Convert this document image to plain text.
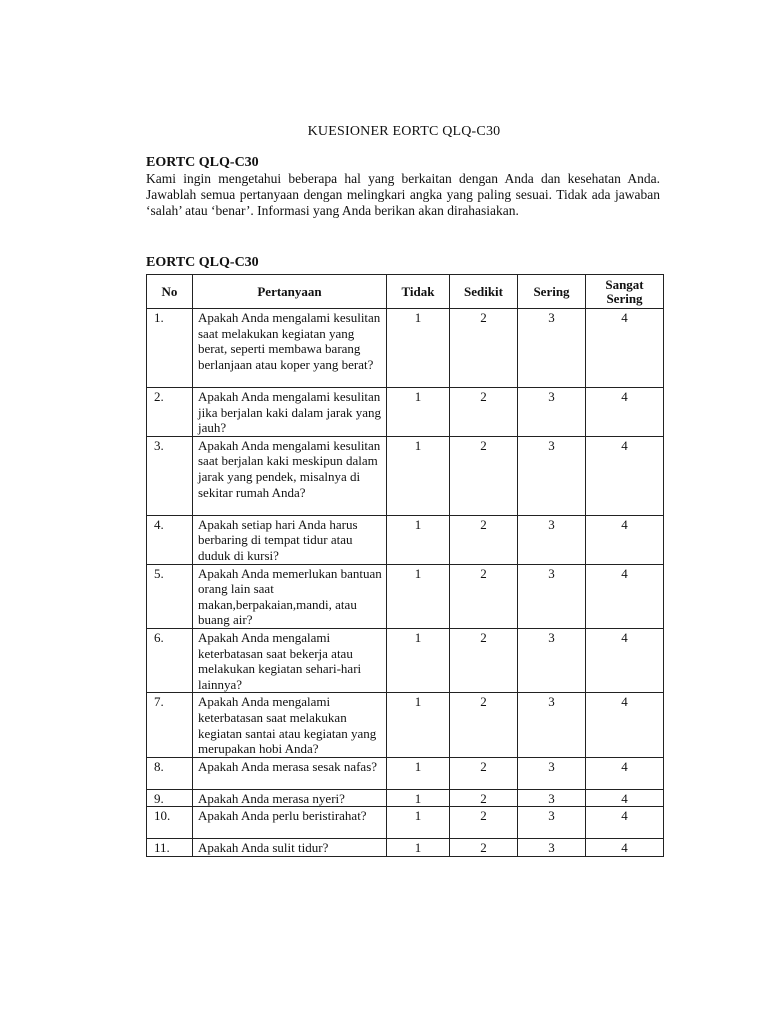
KUESIONER EORTC QLQ-C30
EORTC QLQ-C30
Kami ingin mengetahui beberapa hal yang berkaitan dengan Anda dan kesehatan Anda. Jawablah semua pertanyaan dengan melingkari angka yang paling sesuai. Tidak ada jawaban ‘salah’ atau ‘benar’. Informasi yang Anda berikan akan dirahasiakan.
EORTC QLQ-C30
No	Pertanyaan	Tidak	Sedikit	Sering	Sangat Sering
1.	Apakah Anda mengalami kesulitan saat melakukan kegiatan yang berat, seperti membawa barang berlanjaan atau koper yang berat?	1	2	3	4
2.	Apakah Anda mengalami kesulitan jika berjalan kaki dalam jarak yang jauh?	1	2	3	4
3.	Apakah Anda mengalami kesulitan saat berjalan kaki meskipun dalam jarak yang pendek, misalnya di sekitar rumah Anda?	1	2	3	4
4.	Apakah setiap hari Anda harus berbaring di tempat tidur atau duduk di kursi?	1	2	3	4
5.	Apakah Anda memerlukan bantuan orang lain saat makan,berpakaian,mandi, atau buang air?	1	2	3	4
6.	Apakah Anda mengalami keterbatasan saat bekerja atau melakukan kegiatan sehari-hari lainnya?	1	2	3	4
7.	Apakah Anda mengalami keterbatasan saat melakukan kegiatan santai atau kegiatan yang merupakan hobi Anda?	1	2	3	4
8.	Apakah Anda merasa sesak nafas?	1	2	3	4
9.	Apakah Anda merasa nyeri?	1	2	3	4
10.	Apakah Anda perlu beristirahat?	1	2	3	4
11.	Apakah Anda sulit tidur?	1	2	3	4
